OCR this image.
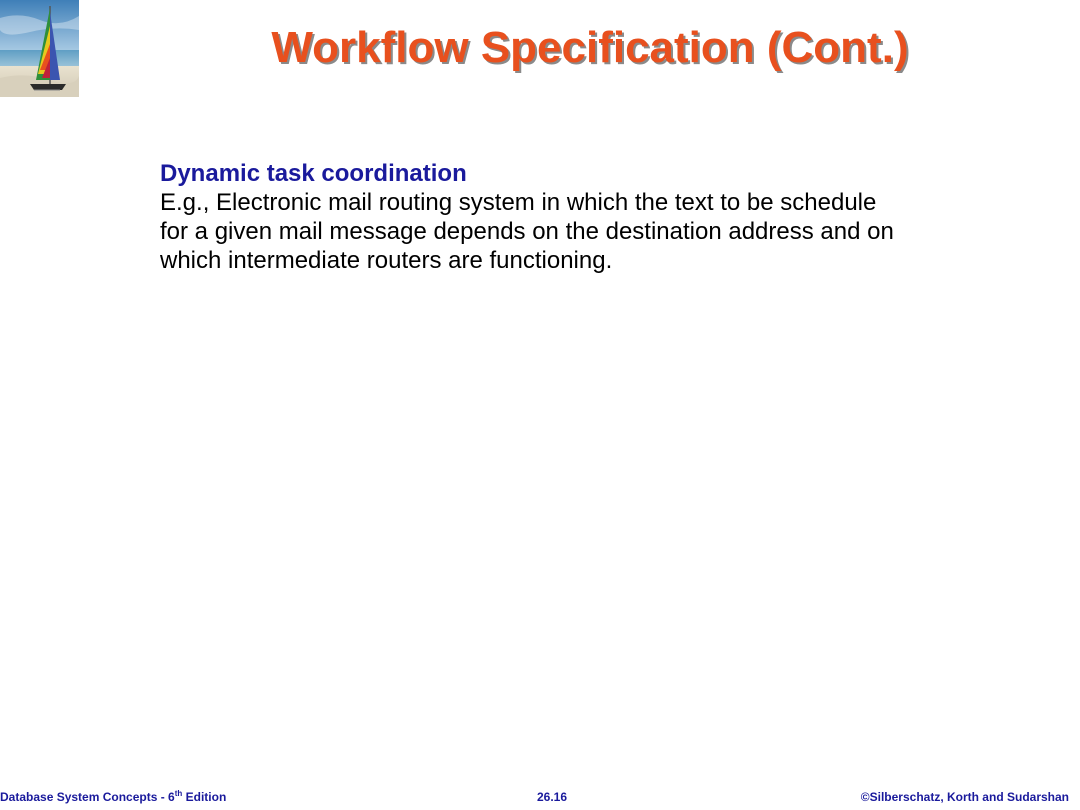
Workflow Specification (Cont.)

Dynamic task coordination

E.g., Electronic mail routing system in which the text to be schedule
for a given mail message depends on the destination address and on
which intermediate routers are functioning.

Database System Concepts - 6th Edition	26.16	©Silberschatz, Korth and Sudarshan
